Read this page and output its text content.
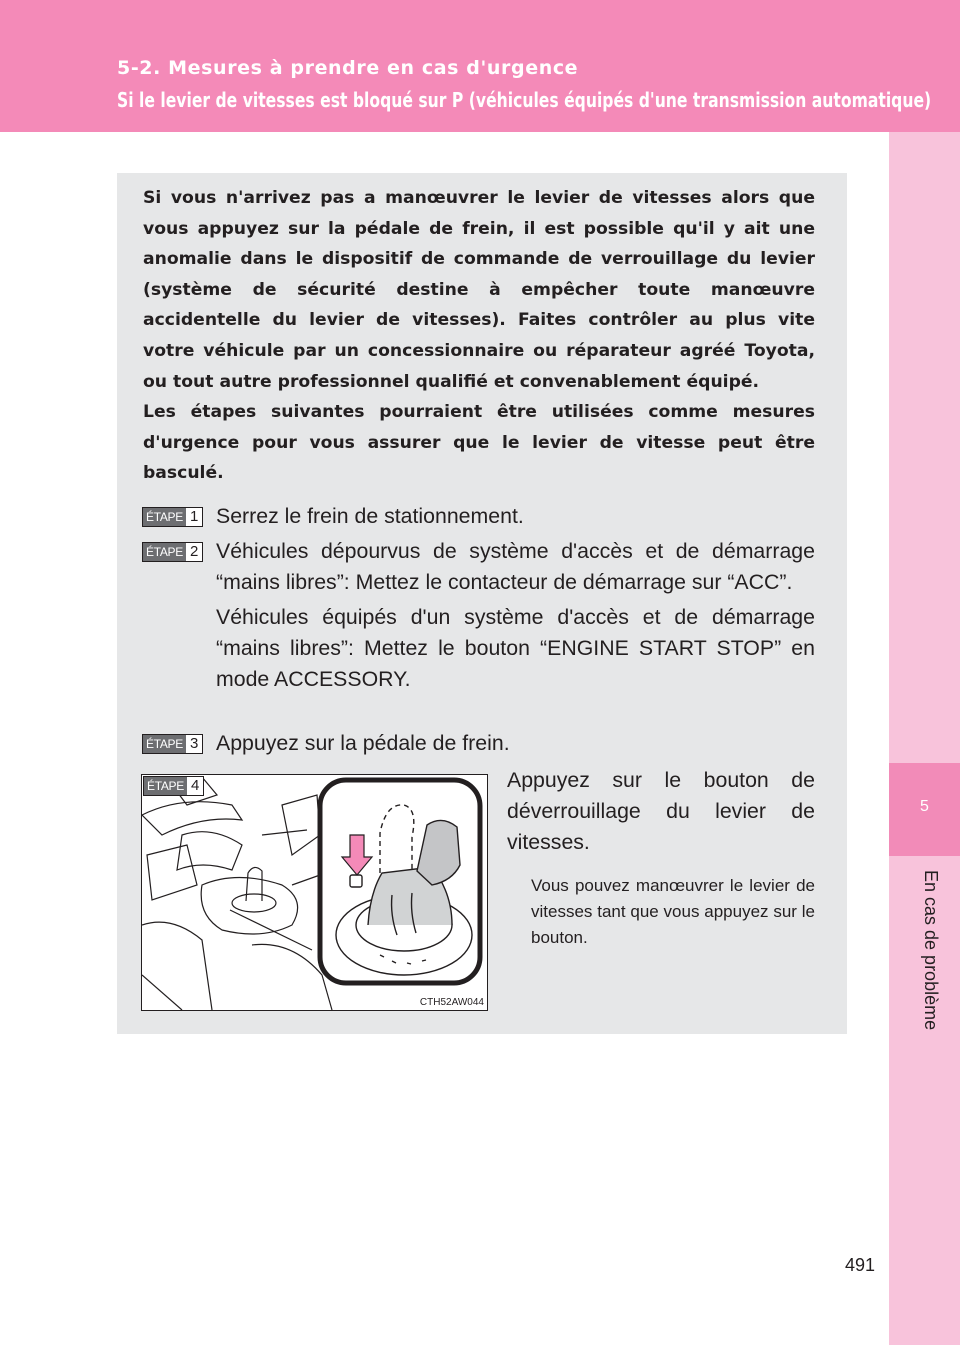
5-2. Mesures à prendre en cas d'urgence
Si le levier de vitesses est bloqué sur P (véhicules équipés d'une transmission automatique)
5
En cas de problème

Si vous n'arrivez pas a manœuvrer le levier de vitesses alors que vous appuyez sur la pédale de frein, il est possible qu'il y ait une anomalie dans le dispositif de commande de verrouillage du levier (système de sécurité destine à empêcher toute manœuvre accidentelle du levier de vitesses). Faites contrôler au plus vite votre véhicule par un concessionnaire ou réparateur agréé Toyota, ou tout autre professionnel qualifié et convenablement équipé.

Les étapes suivantes pourraient être utilisées comme mesures d'urgence pour vous assurer que le levier de vitesse peut être basculé.

ÉTAPE 1 Serrez le frein de stationnement.

ÉTAPE 2 Véhicules dépourvus de système d'accès et de démarrage “mains libres”: Mettez le contacteur de démarrage sur “ACC”.

Véhicules équipés d'un système d'accès et de démarrage “mains libres”: Mettez le bouton “ENGINE START STOP” en mode ACCESSORY.

ÉTAPE 3 Appuyez sur la pédale de frein.

ÉTAPE 4
CTH52AW044

Appuyez sur le bouton de déverrouillage du levier de vitesses.

Vous pouvez manœuvrer le levier de vitesses tant que vous appuyez sur le bouton.

491
